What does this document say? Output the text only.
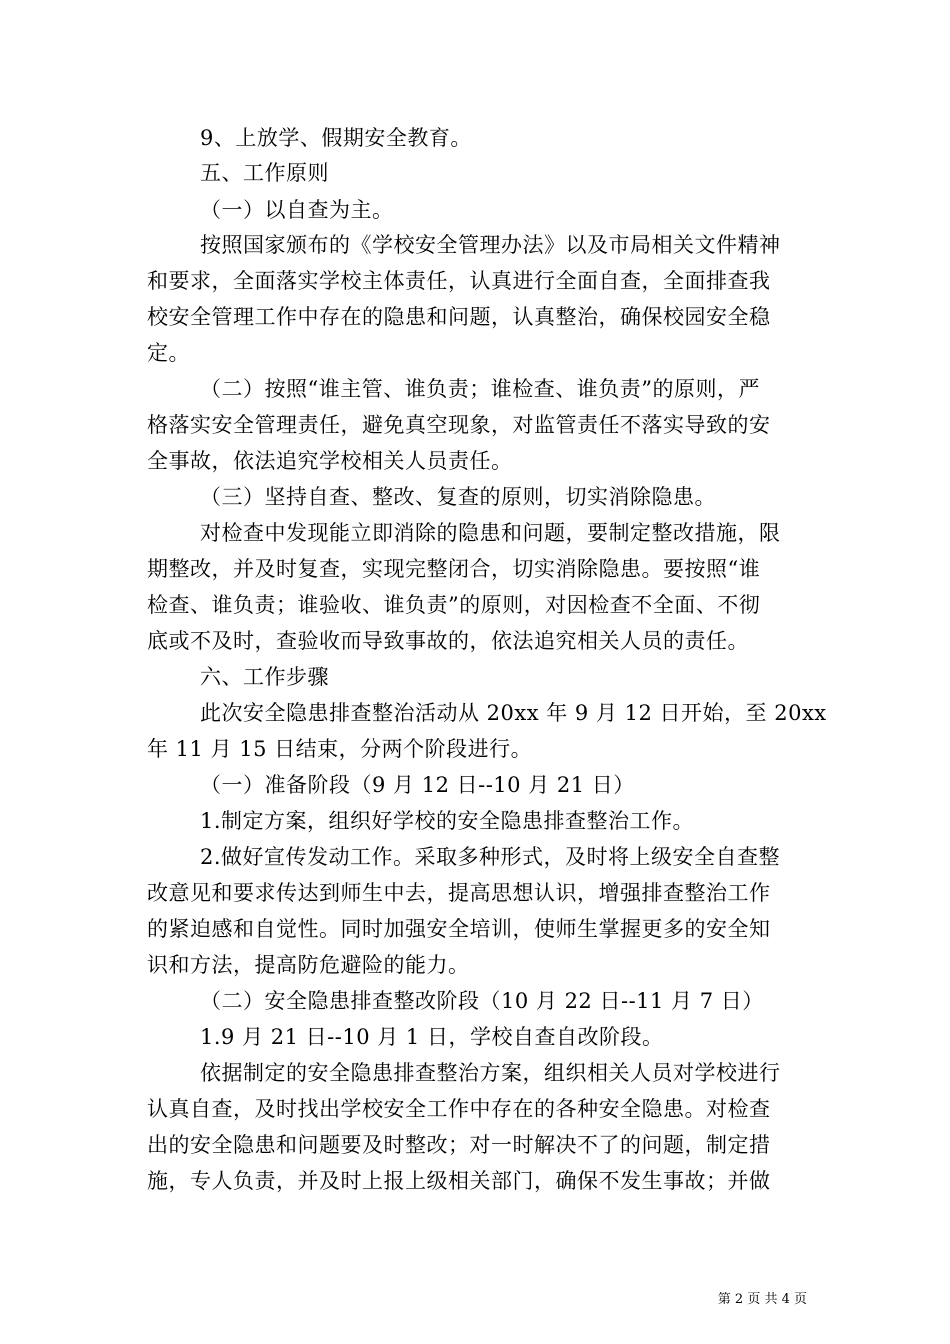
9、上放学、假期安全教育。
五、工作原则
（一）以自查为主。
按照国家颁布的《学校安全管理办法》以及市局相关文件精神
和要求，全面落实学校主体责任，认真进行全面自查，全面排查我
校安全管理工作中存在的隐患和问题，认真整治，确保校园安全稳
定。
（二）按照“谁主管、谁负责；谁检查、谁负责”的原则，严
格落实安全管理责任，避免真空现象，对监管责任不落实导致的安
全事故，依法追究学校相关人员责任。
（三）坚持自查、整改、复查的原则，切实消除隐患。
对检查中发现能立即消除的隐患和问题，要制定整改措施，限
期整改，并及时复查，实现完整闭合，切实消除隐患。要按照“谁
检查、谁负责；谁验收、谁负责”的原则，对因检查不全面、不彻
底或不及时，查验收而导致事故的，依法追究相关人员的责任。
六、工作步骤
此次安全隐患排查整治活动从 20xx 年 9 月 12 日开始，至 20xx
年 11 月 15 日结束，分两个阶段进行。
（一）准备阶段（9 月 12 日--10 月 21 日）
1.制定方案，组织好学校的安全隐患排查整治工作。
2.做好宣传发动工作。采取多种形式，及时将上级安全自查整
改意见和要求传达到师生中去，提高思想认识，增强排查整治工作
的紧迫感和自觉性。同时加强安全培训，使师生掌握更多的安全知
识和方法，提高防危避险的能力。
（二）安全隐患排查整改阶段（10 月 22 日--11 月 7 日）
1.9 月 21 日--10 月 1 日，学校自查自改阶段。
依据制定的安全隐患排查整治方案，组织相关人员对学校进行
认真自查，及时找出学校安全工作中存在的各种安全隐患。对检查
出的安全隐患和问题要及时整改；对一时解决不了的问题，制定措
施，专人负责，并及时上报上级相关部门，确保不发生事故；并做
第 2 页 共 4 页
